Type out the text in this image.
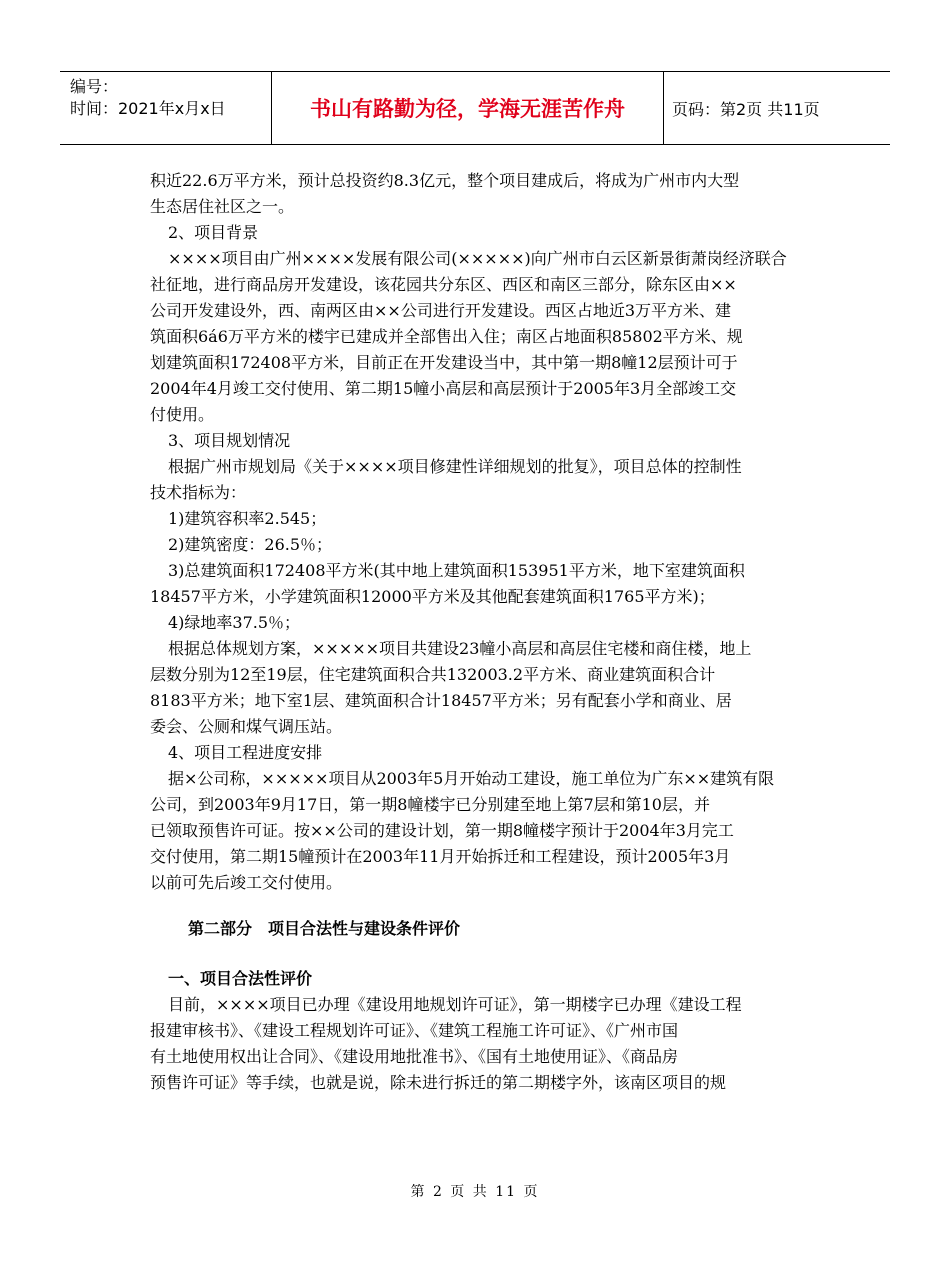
编号：
时间：2021年x月x日	书山有路勤为径，学海无涯苦作舟	页码：第2页 共11页

积近22.6万平方米，预计总投资约8.3亿元，整个项目建成后，将成为广州市内大型

生态居住社区之一。

2、项目背景

××××项目由广州××××发展有限公司(×××××)向广州市白云区新景街萧岗经济联合

社征地，进行商品房开发建设，该花园共分东区、西区和南区三部分，除东区由××

公司开发建设外，西、南两区由××公司进行开发建设。西区占地近3万平方米、建

筑面积6á6万平方米的楼宇已建成并全部售出入住；南区占地面积85802平方米、规

划建筑面积172408平方米，目前正在开发建设当中，其中第一期8幢12层预计可于

2004年4月竣工交付使用、第二期15幢小高层和高层预计于2005年3月全部竣工交

付使用。

3、项目规划情况

根据广州市规划局《关于××××项目修建性详细规划的批复》，项目总体的控制性

技术指标为：

1)建筑容积率2.545；

2)建筑密度：26.5％；

3)总建筑面积172408平方米(其中地上建筑面积153951平方米，地下室建筑面积

18457平方米，小学建筑面积12000平方米及其他配套建筑面积1765平方米)；

4)绿地率37.5％；

根据总体规划方案，×××××项目共建设23幢小高层和高层住宅楼和商住楼，地上

层数分别为12至19层，住宅建筑面积合共132003.2平方米、商业建筑面积合计

8183平方米；地下室1层、建筑面积合计18457平方米；另有配套小学和商业、居

委会、公厕和煤气调压站。

4、项目工程进度安排

据×公司称，×××××项目从2003年5月开始动工建设，施工单位为广东××建筑有限

公司，到2003年9月17日，第一期8幢楼宇已分别建至地上第7层和第10层，并

已领取预售许可证。按××公司的建设计划，第一期8幢楼字预计于2004年3月完工

交付使用，第二期15幢预计在2003年11月开始拆迁和工程建设，预计2005年3月

以前可先后竣工交付使用。

第二部分　项目合法性与建设条件评价
一、项目合法性评价

目前，××××项目已办理《建设用地规划许可证》，第一期楼字已办理《建设工程

报建审核书》、《建设工程规划许可证》、《建筑工程施工许可证》、《广州市国

有土地使用权出让合同》、《建设用地批准书》、《国有土地使用证》、《商品房

预售许可证》等手续，也就是说，除未进行拆迁的第二期楼字外，该南区项目的规

第 2 页 共 11 页
